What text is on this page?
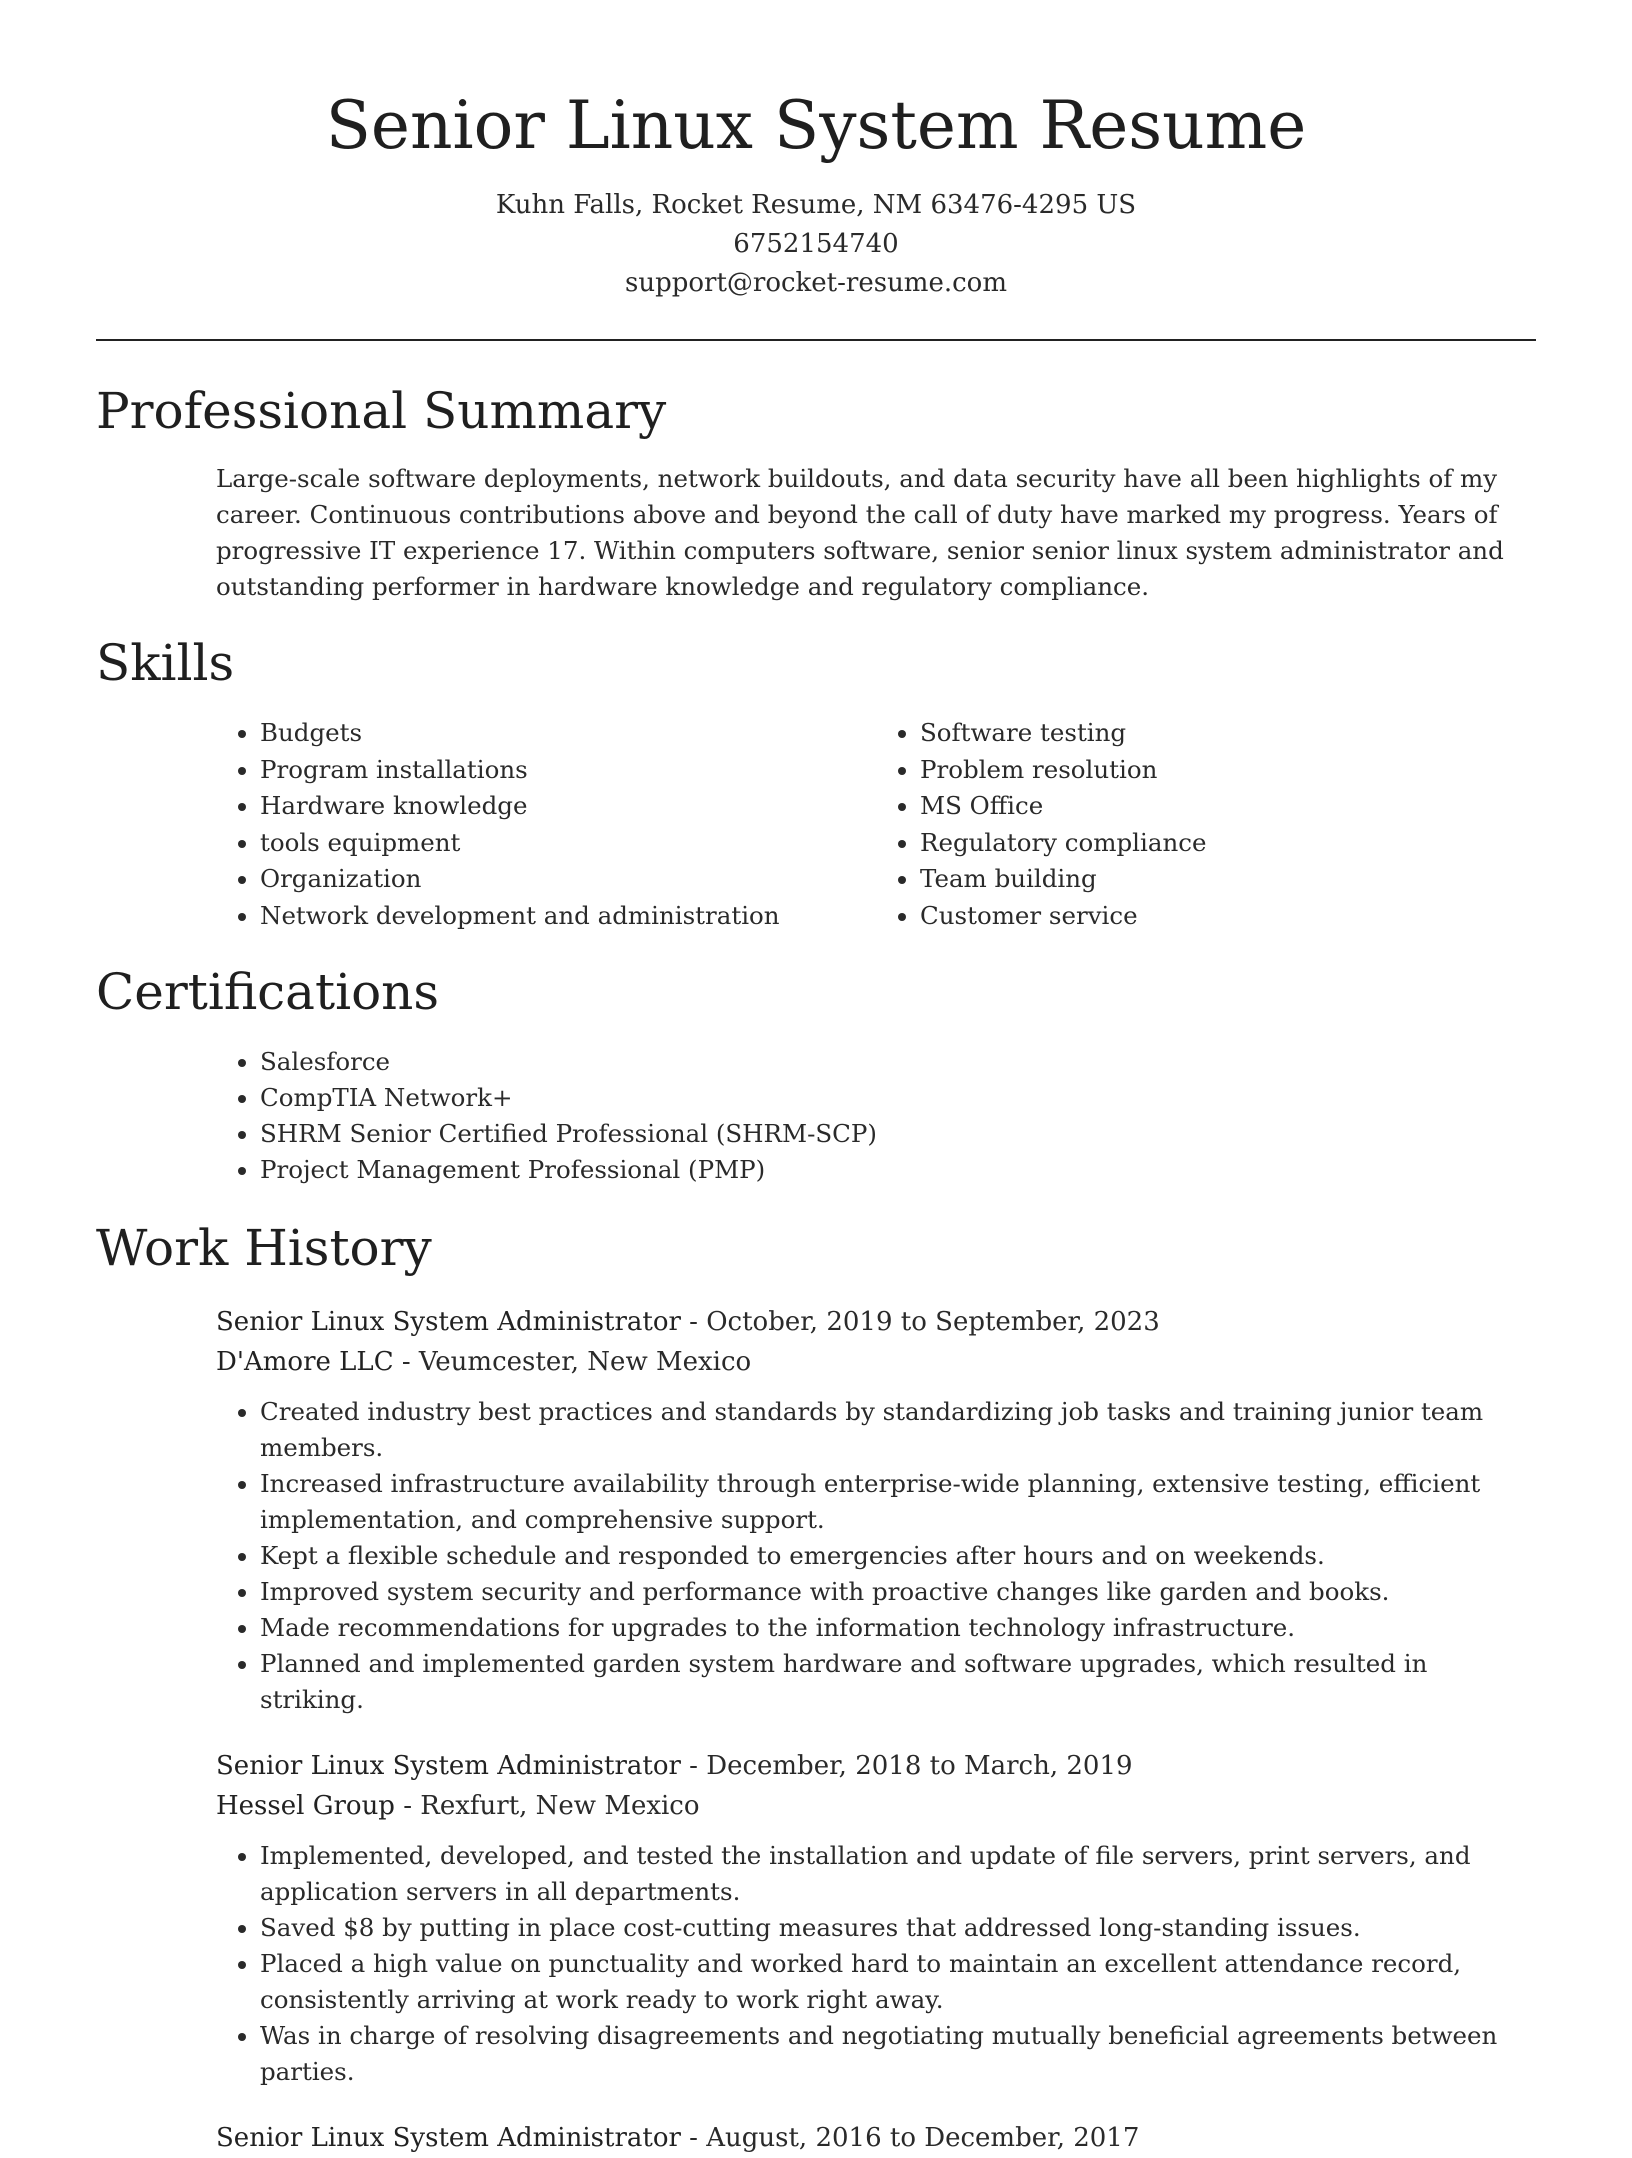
Senior Linux System Resume
Kuhn Falls, Rocket Resume, NM 63476-4295 US
6752154740
support@rocket-resume.com
Professional Summary
Large-scale software deployments, network buildouts, and data security have all been highlights of my career. Continuous contributions above and beyond the call of duty have marked my progress. Years of progressive IT experience 17. Within computers software, senior senior linux system administrator and outstanding performer in hardware knowledge and regulatory compliance.
Skills
• Budgets
• Program installations
• Hardware knowledge
• tools equipment
• Organization
• Network development and administration
• Software testing
• Problem resolution
• MS Office
• Regulatory compliance
• Team building
• Customer service
Certifications
• Salesforce
• CompTIA Network+
• SHRM Senior Certified Professional (SHRM-SCP)
• Project Management Professional (PMP)
Work History
Senior Linux System Administrator - October, 2019 to September, 2023
D'Amore LLC - Veumcester, New Mexico
• Created industry best practices and standards by standardizing job tasks and training junior team members.
• Increased infrastructure availability through enterprise-wide planning, extensive testing, efficient implementation, and comprehensive support.
• Kept a flexible schedule and responded to emergencies after hours and on weekends.
• Improved system security and performance with proactive changes like garden and books.
• Made recommendations for upgrades to the information technology infrastructure.
• Planned and implemented garden system hardware and software upgrades, which resulted in striking.
Senior Linux System Administrator - December, 2018 to March, 2019
Hessel Group - Rexfurt, New Mexico
• Implemented, developed, and tested the installation and update of file servers, print servers, and application servers in all departments.
• Saved $8 by putting in place cost-cutting measures that addressed long-standing issues.
• Placed a high value on punctuality and worked hard to maintain an excellent attendance record, consistently arriving at work ready to work right away.
• Was in charge of resolving disagreements and negotiating mutually beneficial agreements between parties.
Senior Linux System Administrator - August, 2016 to December, 2017
